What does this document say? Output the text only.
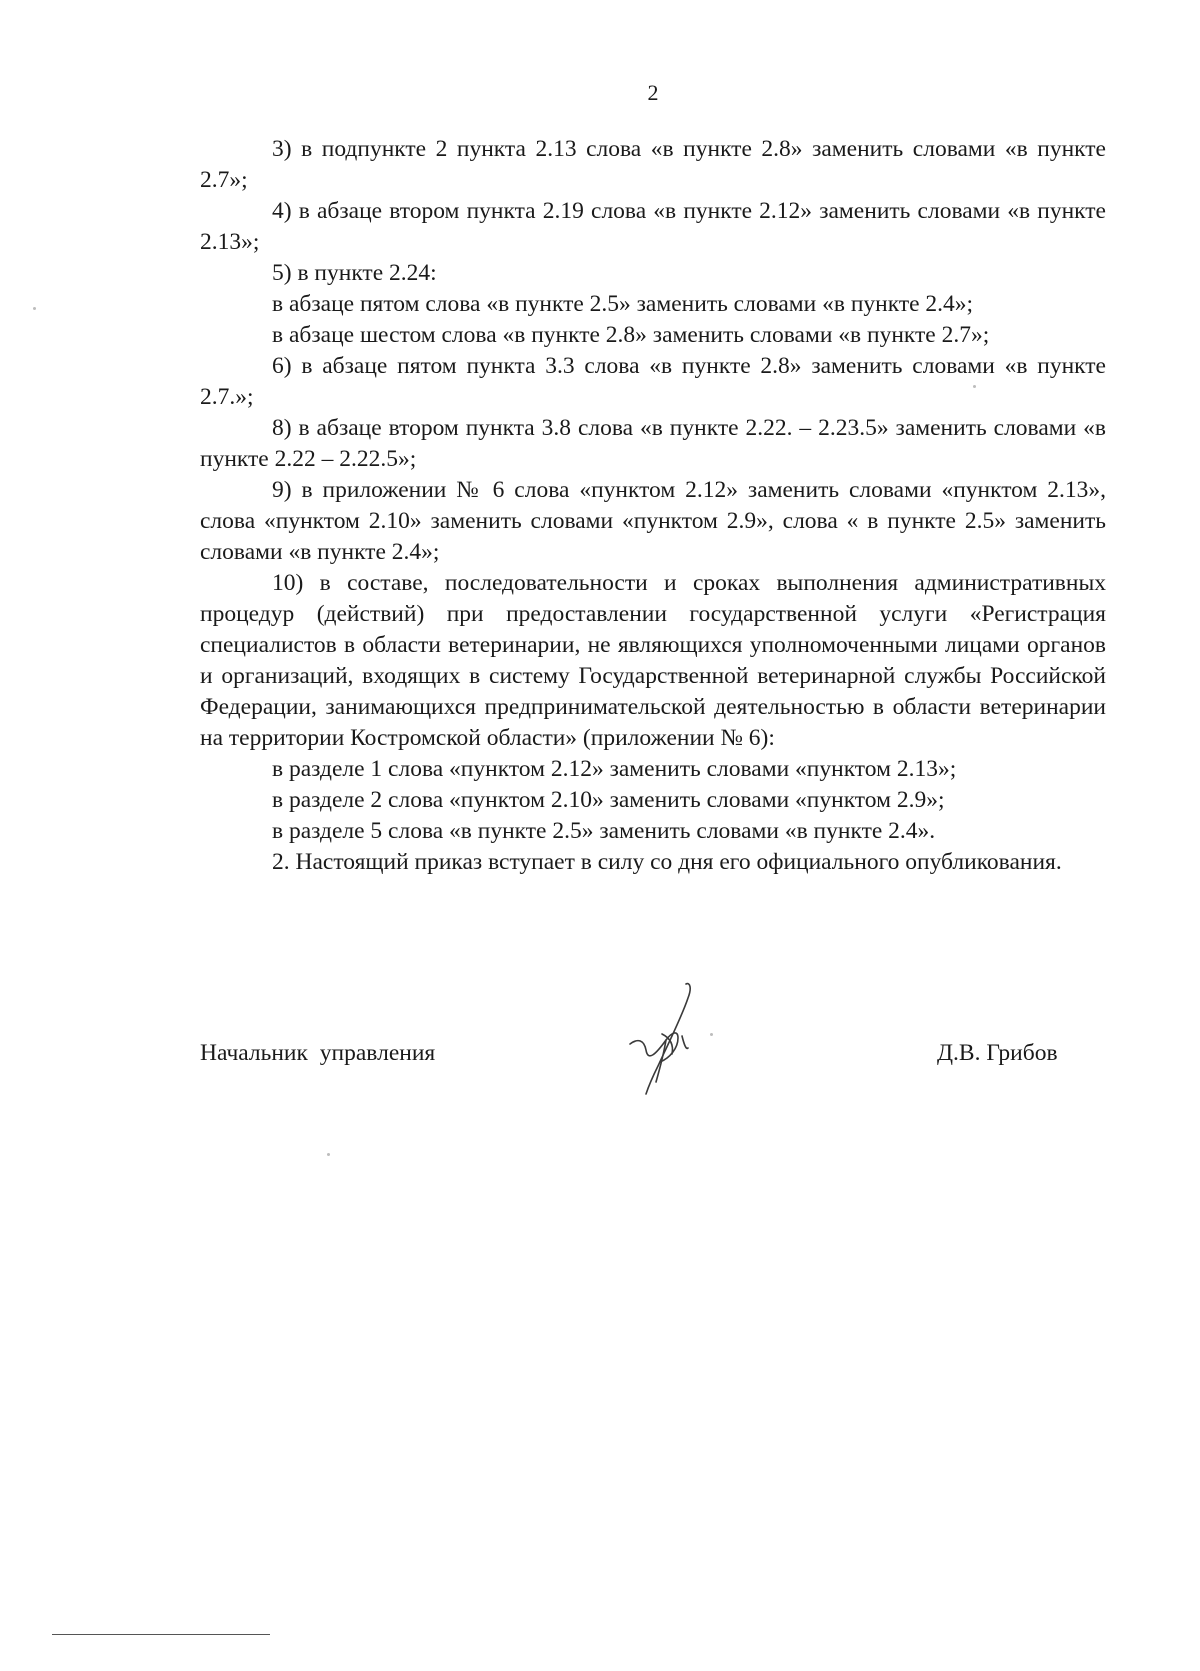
2

3) в подпункте 2 пункта 2.13 слова «в пункте 2.8» заменить словами «в пункте 2.7»;

4) в абзаце втором пункта 2.19 слова «в пункте 2.12» заменить словами «в пункте 2.13»;

5) в пункте 2.24:

в абзаце пятом слова «в пункте 2.5» заменить словами «в пункте 2.4»;

в абзаце шестом слова «в пункте 2.8» заменить словами «в пункте 2.7»;

6) в абзаце пятом пункта 3.3 слова «в пункте 2.8» заменить словами «в пункте 2.7.»;

8) в абзаце втором пункта 3.8 слова «в пункте 2.22. – 2.23.5» заменить словами «в пункте 2.22 – 2.22.5»;

9) в приложении № 6 слова «пунктом 2.12» заменить словами «пунктом 2.13», слова «пунктом 2.10» заменить словами «пунктом 2.9», слова « в пункте 2.5» заменить словами «в пункте 2.4»;

10) в составе, последовательности и сроках выполнения административных процедур (действий) при предоставлении государственной услуги «Регистрация специалистов в области ветеринарии, не являющихся уполномоченными лицами органов и организаций, входящих в систему Государственной ветеринарной службы Российской Федерации, занимающихся предпринимательской деятельностью в области ветеринарии на территории Костромской области» (приложении № 6):

в разделе 1 слова «пунктом 2.12» заменить словами «пунктом 2.13»;

в разделе 2 слова «пунктом 2.10» заменить словами «пунктом 2.9»;

в разделе 5 слова «в пункте 2.5» заменить словами «в пункте 2.4».

2. Настоящий приказ вступает в силу со дня его официального опубликования.

Начальник управления	Д.В. Грибов
